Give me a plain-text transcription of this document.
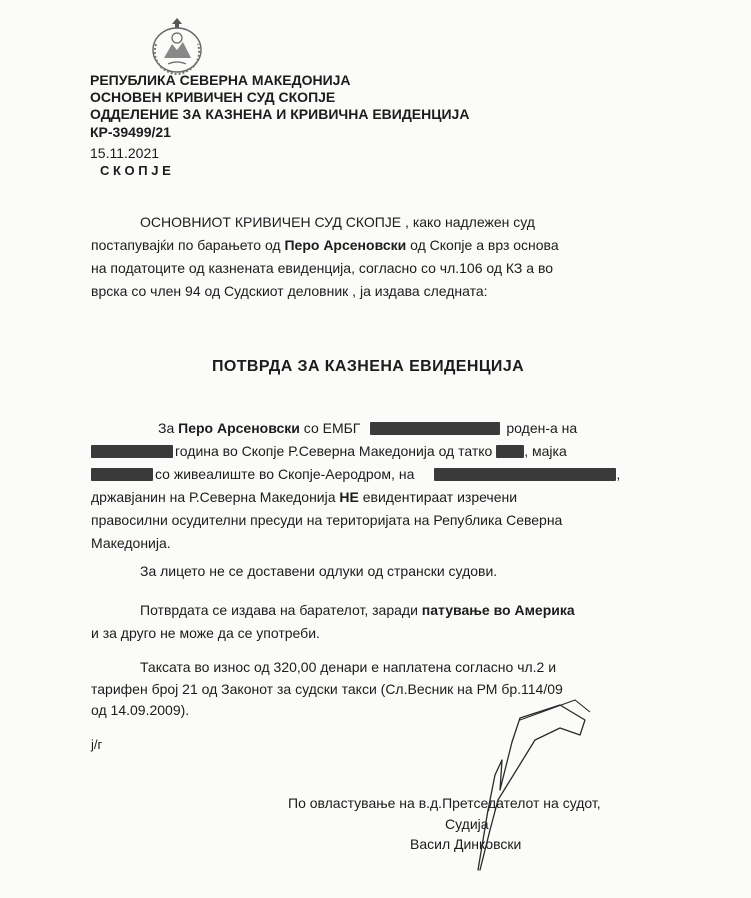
РЕПУБЛИКА СЕВЕРНА МАКЕДОНИЈА
ОСНОВЕН КРИВИЧЕН СУД СКОПЈЕ
ОДДЕЛЕНИЕ ЗА КАЗНЕНА И КРИВИЧНА ЕВИДЕНЦИЈА
КР-39499/21
15.11.2021
С К О П Ј Е
ОСНОВНИОТ КРИВИЧЕН СУД СКОПЈЕ , како надлежен суд
постапувајќи по барањето од Перо Арсеновски од Скопје а врз основа
на податоците од казнената евиденција, согласно со чл.106 од КЗ а во
врска со член 94 од Судскиот деловник , ја издава следната:
ПОТВРДА ЗА КАЗНЕНА ЕВИДЕНЦИЈА
За Перо Арсеновски со ЕМБГ	роден-а на
година во Скопје Р.Северна Македонија од татко , мајка
со живеалиште во Скопје-Аеродром, на	,
државјанин на Р.Северна Македонија НЕ евидентираат изречени
правосилни осудителни пресуди на територијата на Република Северна
Македонија.
За лицето не се доставени одлуки од странски судови.
Потврдата се издава на барателот, заради патување во Америка
и за друго не може да се употреби.
Таксата во износ од 320,00 денари е наплатена согласно чл.2 и
тарифен број 21 од Законот за судски такси (Сл.Весник на РМ бр.114/09
од 14.09.2009).
ј/г
По овластување на в.д.Претседателот на судот,
Судија
Васил Динковски
